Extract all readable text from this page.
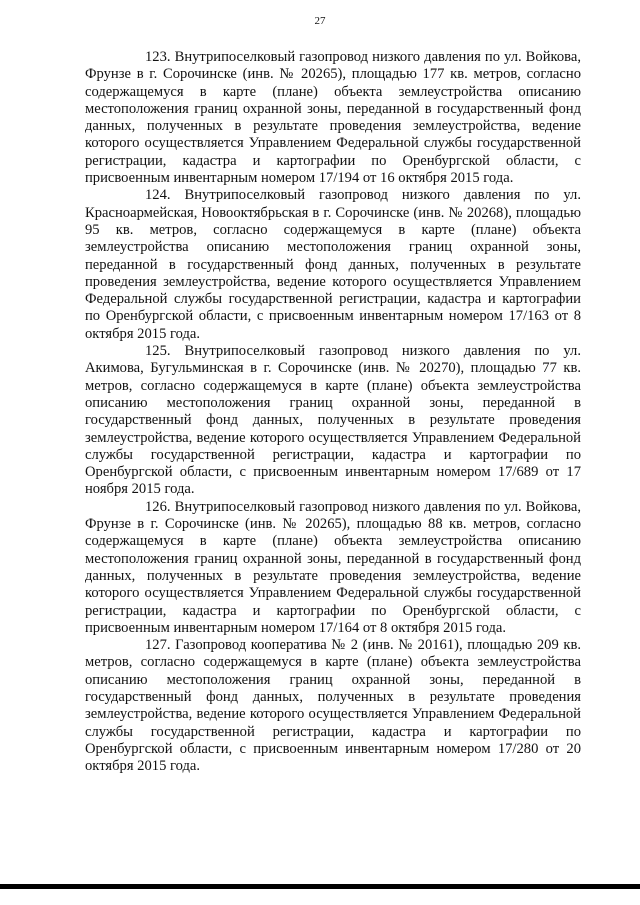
27

123. Внутрипоселковый газопровод низкого давления по ул. Войкова, Фрунзе в г. Сорочинске (инв. № 20265), площадью 177 кв. метров, согласно содержащемуся в карте (плане) объекта землеустройства описанию местоположения границ охранной зоны, переданной в государственный фонд данных, полученных в результате проведения землеустройства, ведение которого осуществляется Управлением Федеральной службы государственной регистрации, кадастра и картографии по Оренбургской области, с присвоенным инвентарным номером 17/194 от 16 октября 2015 года.

124. Внутрипоселковый газопровод низкого давления по ул. Красноармейская, Новооктябрьская в г. Сорочинске (инв. № 20268), площадью 95 кв. метров, согласно содержащемуся в карте (плане) объекта землеустройства описанию местоположения границ охранной зоны, переданной в государственный фонд данных, полученных в результате проведения землеустройства, ведение которого осуществляется Управлением Федеральной службы государственной регистрации, кадастра и картографии по Оренбургской области, с присвоенным инвентарным номером 17/163 от 8 октября 2015 года.

125. Внутрипоселковый газопровод низкого давления по ул. Акимова, Бугульминская в г. Сорочинске (инв. № 20270), площадью 77 кв. метров, согласно содержащемуся в карте (плане) объекта землеустройства описанию местоположения границ охранной зоны, переданной в государственный фонд данных, полученных в результате проведения землеустройства, ведение которого осуществляется Управлением Федеральной службы государственной регистрации, кадастра и картографии по Оренбургской области, с присвоенным инвентарным номером 17/689 от 17 ноября 2015 года.

126. Внутрипоселковый газопровод низкого давления по ул. Войкова, Фрунзе в г. Сорочинске (инв. № 20265), площадью 88 кв. метров, согласно содержащемуся в карте (плане) объекта землеустройства описанию местоположения границ охранной зоны, переданной в государственный фонд данных, полученных в результате проведения землеустройства, ведение которого осуществляется Управлением Федеральной службы государственной регистрации, кадастра и картографии по Оренбургской области, с присвоенным инвентарным номером 17/164 от 8 октября 2015 года.

127. Газопровод кооператива № 2 (инв. № 20161), площадью 209 кв. метров, согласно содержащемуся в карте (плане) объекта землеустройства описанию местоположения границ охранной зоны, переданной в государственный фонд данных, полученных в результате проведения землеустройства, ведение которого осуществляется Управлением Федеральной службы государственной регистрации, кадастра и картографии по Оренбургской области, с присвоенным инвентарным номером 17/280 от 20 октября 2015 года.
